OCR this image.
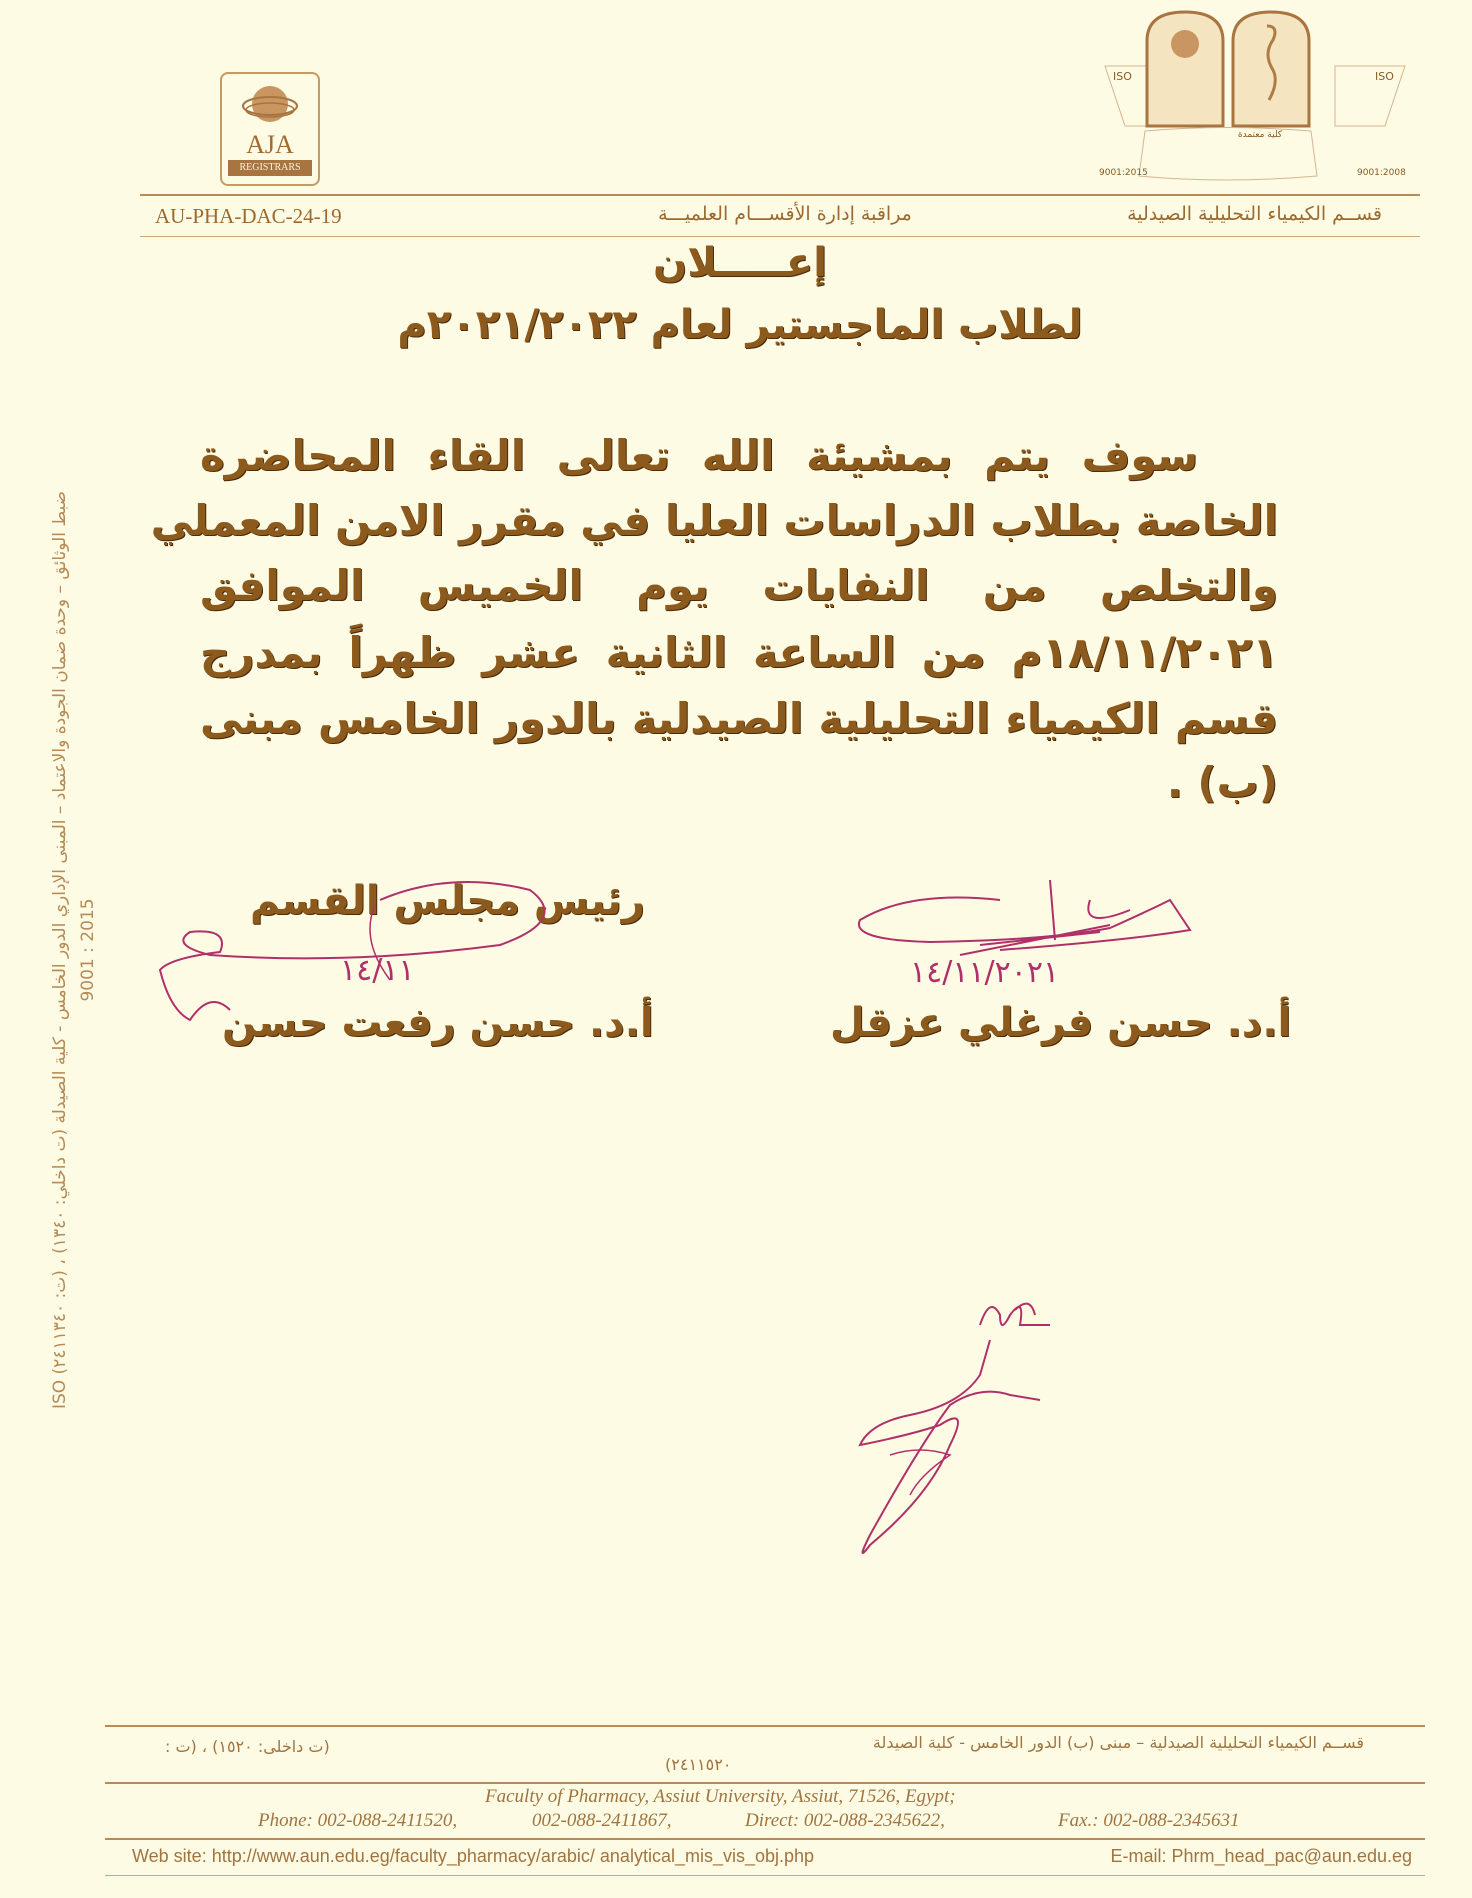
AJA
REGISTRARS
ISO	ISO
كلية معتمدة
9001:2015	9001:2008
AU-PHA-DAC-24-19	مراقبة إدارة الأقســـام العلميـــة	قســم الكيمياء التحليلية الصيدلية
ضبط الوثائق – وحدة ضمان الجودة والاعتماد – المبنى الإداري الدور الخامس - كلية الصيدلة (ت داخلي: ١٣٤٠) ، (ت: ٢٤١١٣٤٠) ISO 9001 : 2015
إعـــــلان
لطلاب الماجستير لعام ٢٠٢١/٢٠٢٢م
سوف يتم بمشيئة الله تعالى القاء المحاضرة
الخاصة بطلاب الدراسات العليا في مقرر الامن المعملي
والتخلص من النفايات يوم الخميس الموافق
١٨/١١/٢٠٢١م من الساعة الثانية عشر ظهراً بمدرج
قسم الكيمياء التحليلية الصيدلية بالدور الخامس مبنى
(ب) .
رئيس مجلس القسم
أ.د. حسن رفعت حسن	أ.د. حسن فرغلي عزقل
١٤/١١	١٤/١١/٢٠٢١
قســم الكيمياء التحليلية الصيدلية – مبنى (ب) الدور الخامس - كلية الصيدلة
(ت داخلى: ١٥٢٠) ، (ت :
٢٤١١٥٢٠)
Faculty of Pharmacy, Assiut University, Assiut, 71526, Egypt;
Phone: 002-088-2411520,	002-088-2411867,	Direct: 002-088-2345622,	Fax.: 002-088-2345631
Web site: http://www.aun.edu.eg/faculty_pharmacy/arabic/ analytical_mis_vis_obj.php	E-mail: Phrm_head_pac@aun.edu.eg
